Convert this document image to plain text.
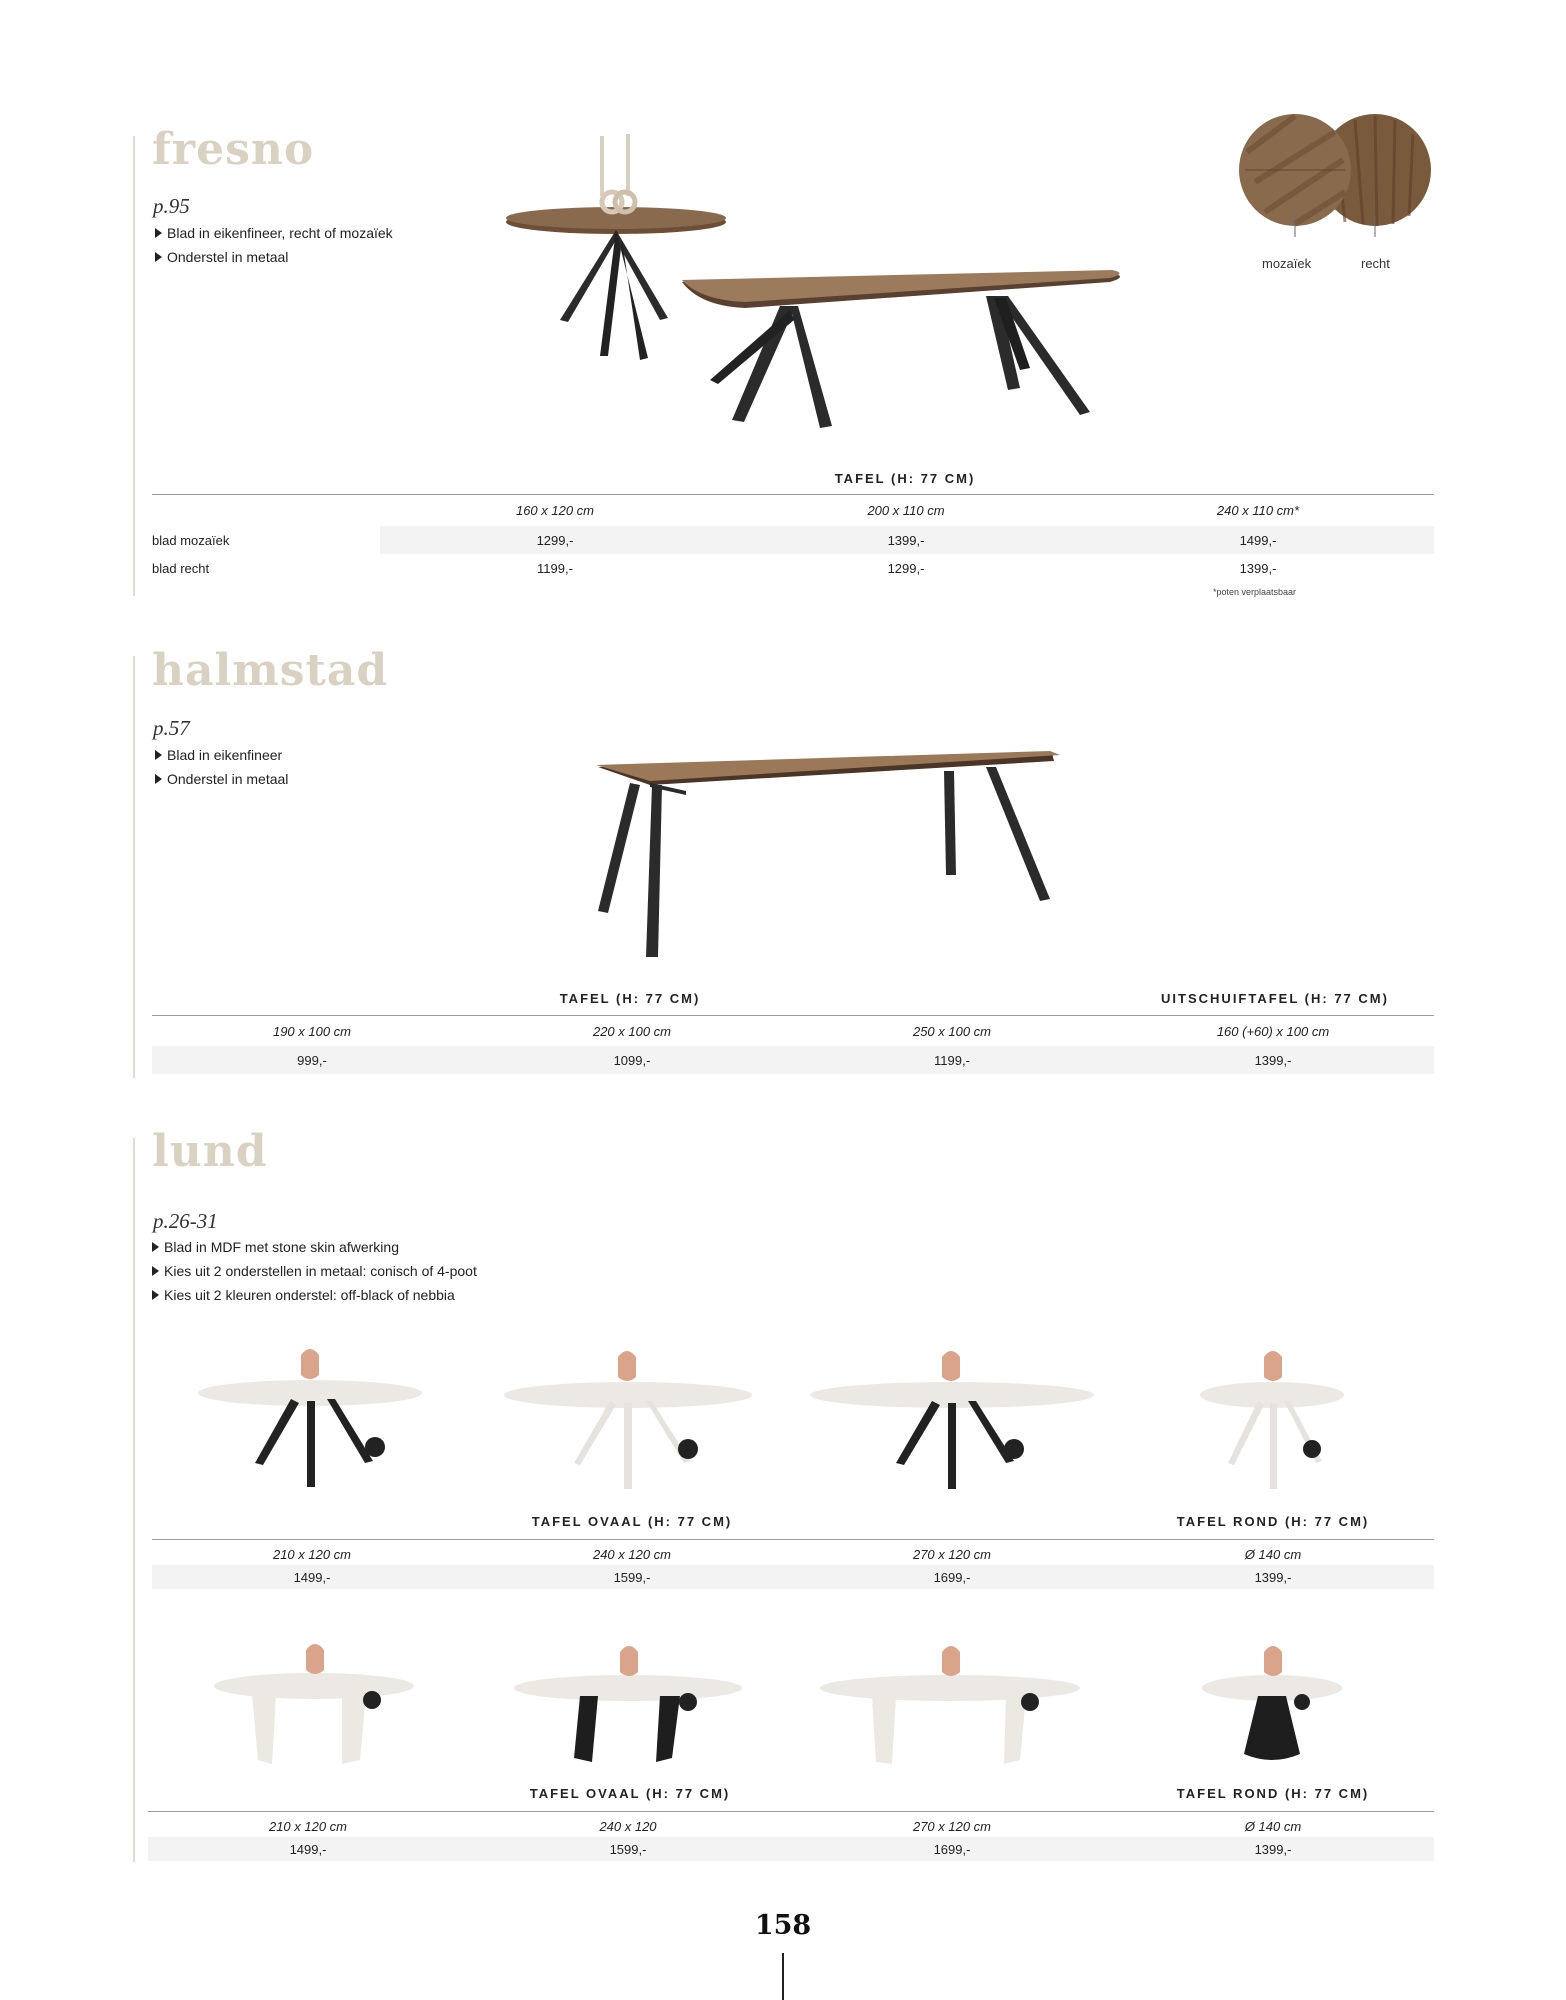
fresno
p.95
Blad in eikenfineer, recht of mozaïek
Onderstel in metaal	mozaïek	recht
TAFEL (H: 77 CM)
160 x 120 cm	200 x 110 cm	240 x 110 cm*
blad mozaïek	1299,-	1399,-	1499,-
blad recht	1199,-	1299,-	1399,-
*poten verplaatsbaar
halmstad
p.57
Blad in eikenfineer
Onderstel in metaal
TAFEL (H: 77 CM)	UITSCHUIFTAFEL (H: 77 CM)
190 x 100 cm	220 x 100 cm	250 x 100 cm	160 (+60) x 100 cm
999,-	1099,-	1199,-	1399,-
lund
p.26-31
Blad in MDF met stone skin afwerking
Kies uit 2 onderstellen in metaal: conisch of 4-poot
Kies uit 2 kleuren onderstel: off-black of nebbia
TAFEL OVAAL (H: 77 CM)	TAFEL ROND (H: 77 CM)
210 x 120 cm	240 x 120 cm	270 x 120 cm	Ø 140 cm
1499,-	1599,-	1699,-	1399,-
TAFEL OVAAL (H: 77 CM)	TAFEL ROND (H: 77 CM)
210 x 120 cm	240 x 120	270 x 120 cm	Ø 140 cm
1499,-	1599,-	1699,-	1399,-
158
